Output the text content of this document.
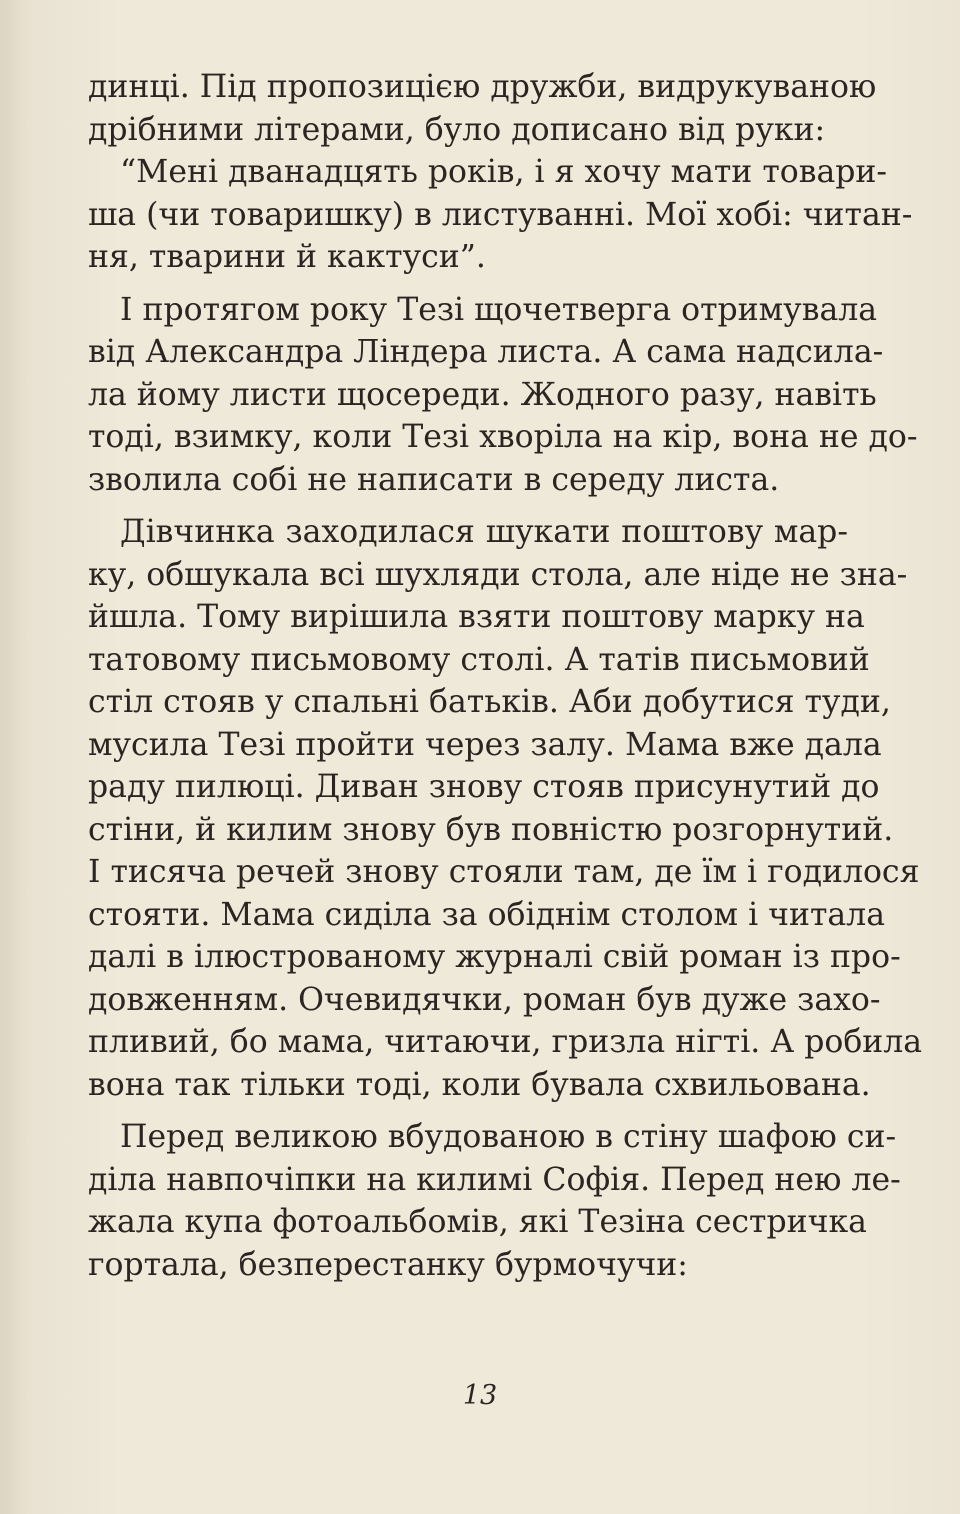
динці. Під пропозицією дружби, видрукуваною
дрібними літерами, було дописано від руки:
“Мені дванадцять років, і я хочу мати товари-
ша (чи товаришку) в листуванні. Мої хобі: читан-
ня, тварини й кактуси”.
І протягом року Тезі щочетверга отримувала
від Александра Ліндера листа. А сама надсила-
ла йому листи щосереди. Жодного разу, навіть
тоді, взимку, коли Тезі хворіла на кір, вона не до-
зволила собі не написати в середу листа.
Дівчинка заходилася шукати поштову мар-
ку, обшукала всі шухляди стола, але ніде не зна-
йшла. Тому вирішила взяти поштову марку на
татовому письмовому столі. А татів письмовий
стіл стояв у спальні батьків. Аби добутися туди,
мусила Тезі пройти через залу. Мама вже дала
раду пилюці. Диван знову стояв присунутий до
стіни, й килим знову був повністю розгорнутий.
І тисяча речей знову стояли там, де їм і годилося
стояти. Мама сиділа за обіднім столом і читала
далі в ілюстрованому журналі свій роман із про-
довженням. Очевидячки, роман був дуже захо-
пливий, бо мама, читаючи, гризла нігті. А робила
вона так тільки тоді, коли бувала схвильована.
Перед великою вбудованою в стіну шафою си-
діла навпочіпки на килимі Софія. Перед нею ле-
жала купа фотоальбомів, які Тезіна сестричка
гортала, безперестанку бурмочучи:
13
